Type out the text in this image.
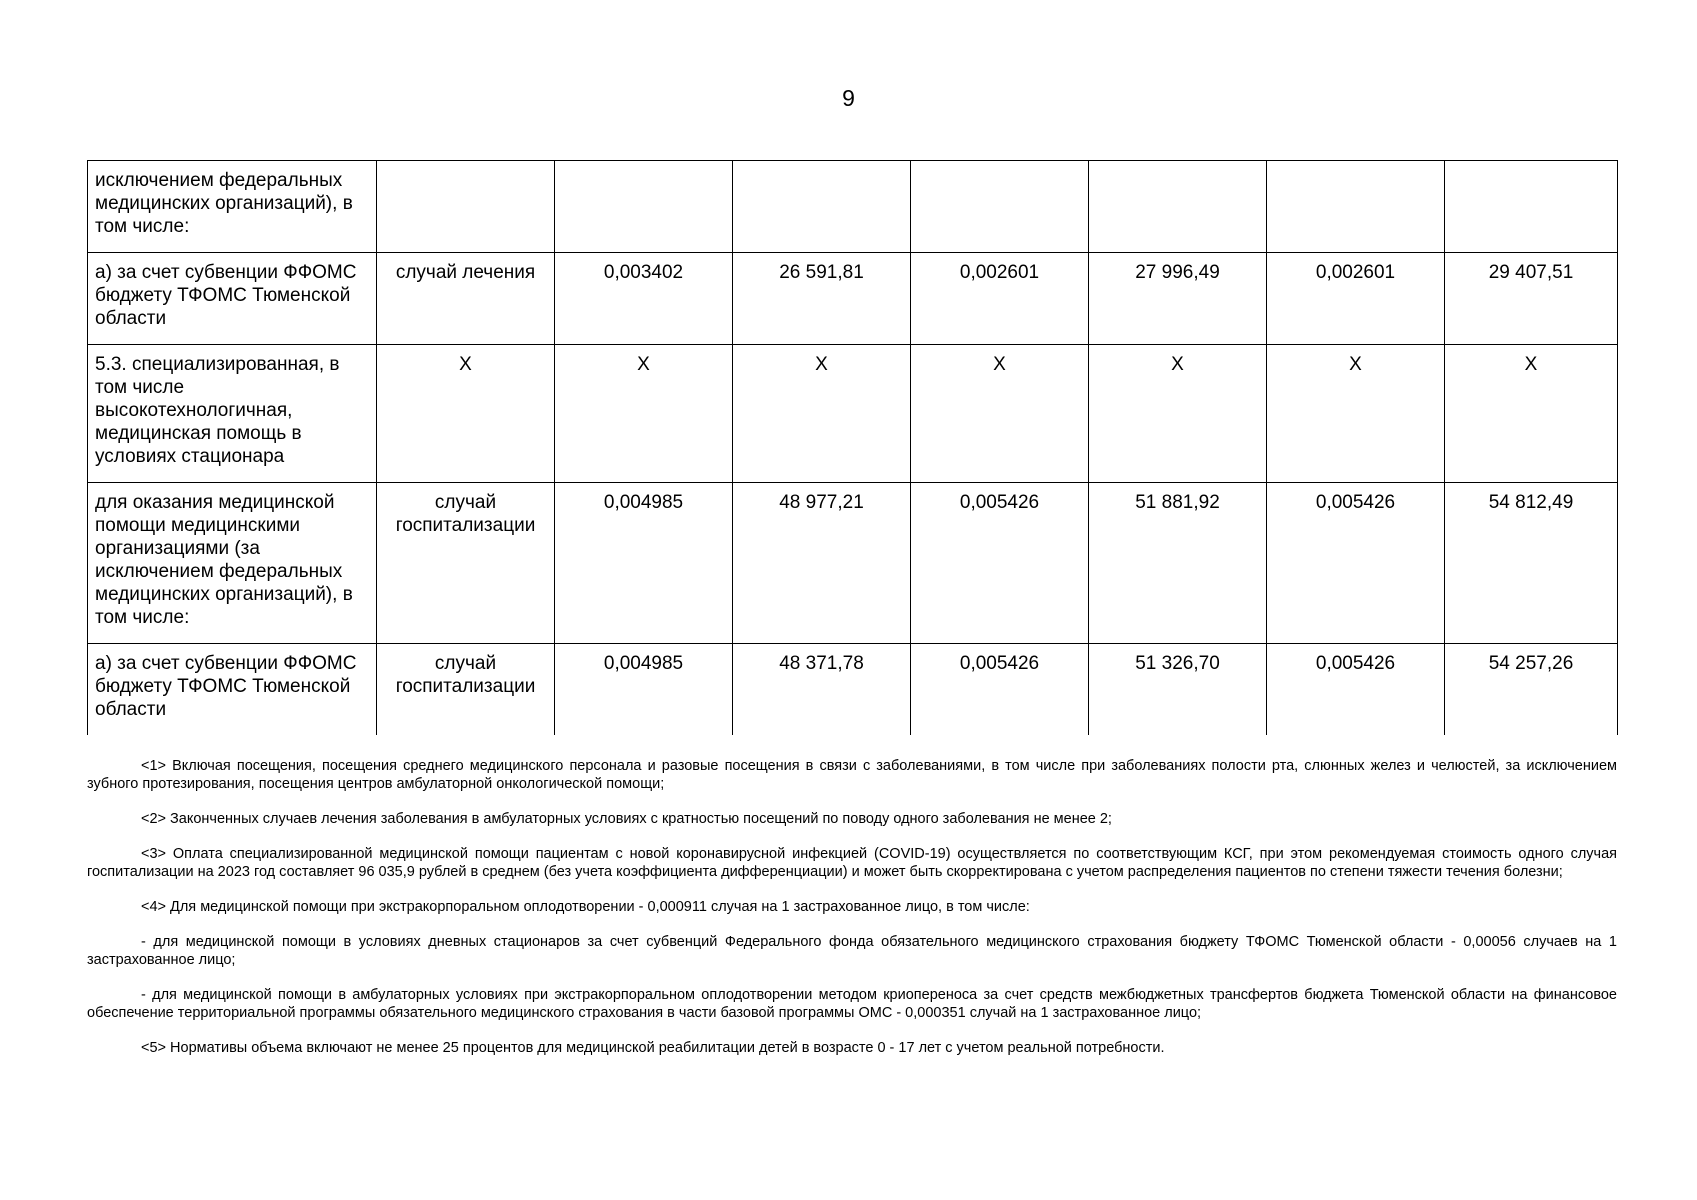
9
исключением федеральных медицинских организаций), в том числе:							
а) за счет субвенции ФФОМС бюджету ТФОМС Тюменской области	случай лечения	0,003402	26 591,81	0,002601	27 996,49	0,002601	29 407,51
5.3. специализированная, в том числе высокотехнологичная, медицинская помощь в условиях стационара	X	X	X	X	X	X	X
для оказания медицинской помощи медицинскими организациями (за исключением федеральных медицинских организаций), в том числе:	случай госпитализации	0,004985	48 977,21	0,005426	51 881,92	0,005426	54 812,49
а) за счет субвенции ФФОМС бюджету ТФОМС Тюменской области	случай госпитализации	0,004985	48 371,78	0,005426	51 326,70	0,005426	54 257,26

<1> Включая посещения, посещения среднего медицинского персонала и разовые посещения в связи с заболеваниями, в том числе при заболеваниях полости рта, слюнных желез и челюстей, за исключением зубного протезирования, посещения центров амбулаторной онкологической помощи;

<2> Законченных случаев лечения заболевания в амбулаторных условиях с кратностью посещений по поводу одного заболевания не менее 2;

<3> Оплата специализированной медицинской помощи пациентам с новой коронавирусной инфекцией (COVID-19) осуществляется по соответствующим КСГ, при этом рекомендуемая стоимость одного случая госпитализации на 2023 год составляет 96 035,9 рублей в среднем (без учета коэффициента дифференциации) и может быть скорректирована с учетом распределения пациентов по степени тяжести течения болезни;

<4> Для медицинской помощи при экстракорпоральном оплодотворении - 0,000911 случая на 1 застрахованное лицо, в том числе:

- для медицинской помощи в условиях дневных стационаров за счет субвенций Федерального фонда обязательного медицинского страхования бюджету ТФОМС Тюменской области - 0,00056 случаев на 1 застрахованное лицо;

- для медицинской помощи в амбулаторных условиях при экстракорпоральном оплодотворении методом криопереноса за счет средств межбюджетных трансфертов бюджета Тюменской области на финансовое обеспечение территориальной программы обязательного медицинского страхования в части базовой программы ОМС - 0,000351 случай на 1 застрахованное лицо;

<5> Нормативы объема включают не менее 25 процентов для медицинской реабилитации детей в возрасте 0 - 17 лет с учетом реальной потребности.
